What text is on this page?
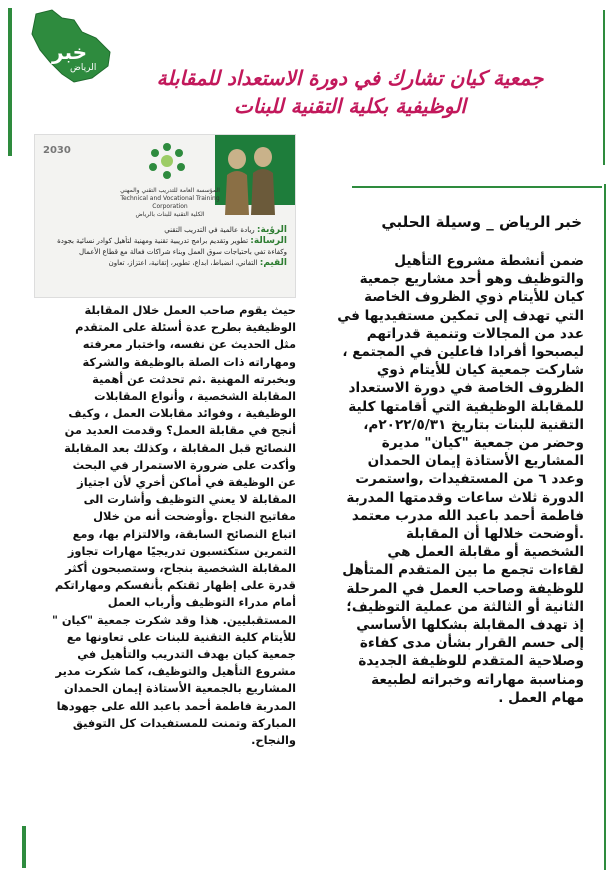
خبر
الرياض	جمعية كيان تشارك في دورة الاستعداد للمقابلة
الوظيفية بكلية التقنية للبنات
2030
المؤسسة العامة للتدريب التقني والمهني
Technical and Vocational Training Corporation
الكلية التقنية للبنات بالرياض
الرؤية: ريادة عالمية في التدريب التقني
الرسالة: تطوير وتقديم برامج تدريبية تقنية ومهنية لتأهيل كوادر نسائية بجودة
وكفاءة تفي باحتياجات سوق العمل وبناء شراكات فعالة مع قطاع الأعمال
القيم: التفاني، انضباط، ابداع، تطوير، إتقانية، اعتزاز، تعاون
خبر الرياض _ وسيلة الحلبي
ضمن أنشطة مشروع التأهيل
والتوظيف وهو أحد مشاريع جمعية
كيان للأيتام ذوي الظروف الخاصة
التي تهدف إلى تمكين مستفيديها في
عدد من المجالات وتنمية قدراتهم
ليصبحوا أفرادا فاعلين في المجتمع ،
شاركت جمعية كيان للأيتام ذوي
الظروف الخاصة في دورة الاستعداد
للمقابلة الوظيفية التي أقامتها كلية
التقنية للبنات بتاريخ ٢٠٢٢/٥/٣١م،
وحضر من جمعية "كيان" مديرة
المشاريع الأستاذة إيمان الحمدان
وعدد ٦ من المستفيدات ,واستمرت
الدورة ثلاث ساعات وقدمتها المدربة
فاطمة أحمد باعبد الله مدرب معتمد
.أوضحت خلالها أن المقابلة
الشخصية أو مقابلة العمل هي
لقاءات تجمع ما بين المتقدم المتأهل
للوظيفة وصاحب العمل في المرحلة
الثانية أو الثالثة من عملية التوظيف؛
إذ تهدف المقابلة بشكلها الأساسي
إلى حسم القرار بشأن مدى كفاءة
وصلاحية المتقدم للوظيفة الجديدة
ومناسبة مهاراته وخبراته لطبيعة
مهام العمل .
حيث يقوم صاحب العمل خلال المقابلة
الوظيفية بطرح عدة أسئلة على المتقدم
مثل الحديث عن نفسه، واختبار معرفته
ومهاراته ذات الصلة بالوظيفة والشركة
وبخبرته المهنية .ثم تحدثت عن أهمية
المقابلة الشخصية ، وأنواع المقابلات
الوظيفية ، وفوائد مقابلات العمل ، وكيف
أنجح في مقابلة العمل؟ وقدمت العديد من
النصائح قبل المقابلة ، وكذلك بعد المقابلة
وأكدت على ضرورة الاستمرار في البحث
عن الوظيفة في أماكن أخري لأن اجتياز
المقابلة لا يعني التوظيف وأشارت الى
مفاتيح النجاح .وأوضحت أنه من خلال
اتباع النصائح السابقة، والالتزام بها، ومع
التمرين ستكتسبون تدريجيًا مهارات تجاوز
المقابلة الشخصية بنجاح، وستصبحون أكثر
قدرة على إظهار ثقتكم بأنفسكم ومهاراتكم
أمام مدراء التوظيف وأرباب العمل
المستقبليين. هذا وقد شكرت جمعية "كيان "
للأيتام كلية التقنية للبنات على تعاونها مع
جمعية كيان بهدف التدريب والتأهيل في
مشروع التأهيل والتوظيف، كما شكرت مدير
المشاريع بالجمعية الأستاذة إيمان الحمدان
المدربة فاطمة أحمد باعبد الله على جهودها
المباركة وتمنت للمستفيدات كل التوفيق
والنجاح.
